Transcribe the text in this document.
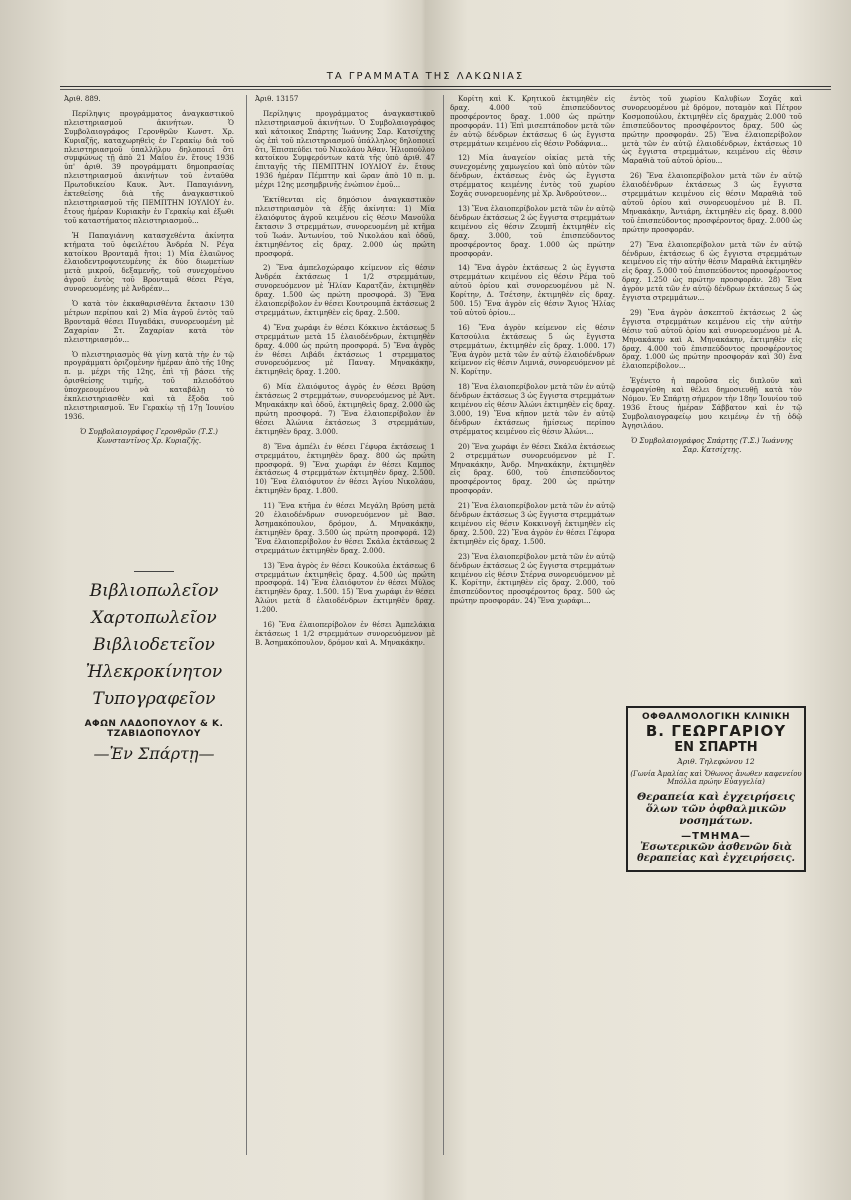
ΤΑ ΓΡΑΜΜΑΤΑ ΤΗΣ ΛΑΚΩΝΙΑΣ

Ἀριθ. 889.

Περίληψις προγράμματος ἀναγκαστικοῦ πλειστηριασμοῦ ἀκινήτων. Ὁ Συμβολαιογράφος Γερονθρῶν Κωνστ. Χρ. Κυριαζῆς, καταχωρηθεὶς ἐν Γερακίῳ διὰ τοῦ πλειστηριασμοῦ ὑπαλλήλου δηλοποιεῖ ὅτι συμφώνως τῇ ἀπὸ 21 Μαΐου ἐν. ἔτους 1936 ὑπ' ἀριθ. 39 προγράμματι δημοπρασίας πλειστηριασμοῦ ἀκινήτων τοῦ ἐνταῦθα Πρωτοδικείου Καυκ. Ἀντ. Παπαγιάννη, ἐκτεθείσης διὰ τῆς ἀναγκαστικοῦ πλειστηριασμοῦ τῆς ΠΕΜΠΤΗΝ ΙΟΥΛΙΟΥ ἐν. ἔτους ἡμέραν Κυριακὴν ἐν Γερακίῳ καὶ ἐξωθι τοῦ καταστήματος πλειστηριασμοῦ...

Ἡ Παπαγιάννη κατασχεθέντα ἀκίνητα κτήματα τοῦ ὀφειλέτου Ἀνδρέα Ν. Ρέγα κατοίκου Βρονταμᾶ ἤτοι: 1) Μία ἐλαιῶνος ἐλαιοδεντροφυτευμένης ἐκ δύο διωμετίων μετὰ μικροῦ, δεξαμενῆς, τοῦ συνεχομένου ἀγροῦ ἐντὸς τοῦ Βρονταμᾶ θέσει Ρέγα, συνορευομένης μὲ Ἀνδρέαν...

Ὁ κατὰ τὸν ἐκκαθαρισθέντα ἔκτασιν 130 μέτρων περίπου καὶ 2) Μία ἀγροῦ ἐντὸς ταῦ Βρονταμᾶ θέσει Πυγαδάκι, συνορευομένη μὲ Ζαχαρίαν Στ. Ζαχαρίαν κατὰ τὸν πλειστηριασμόν...

Ὁ πλειστηριασμὸς θὰ γίνῃ κατὰ τὴν ἐν τῷ προγράμματι ὁριζομένην ἡμέραν ἀπὸ τῆς 10ης π. μ. μέχρι τῆς 12ης, ἐπὶ τῇ βάσει τῆς ὁρισθείσης τιμῆς, τοῦ πλειοδότου ὑποχρεουμένου νὰ καταβάλῃ τὸ ἐκπλειστηριασθὲν καὶ τὰ ἔξοδα τοῦ πλειστηριασμοῦ. Ἐν Γερακίῳ τῇ 17ῃ Ἰουνίου 1936.

Ὁ Συμβολαιογράφος Γερονθρῶν (Τ.Σ.) Κωνσταντῖνος Χρ. Κυριαζῆς.

Ἀριθ. 13157

Περίληψις προγράμματος ἀναγκαστικοῦ πλειστηριασμοῦ ἀκινήτων. Ὁ Συμβολαιογράφος καὶ κάτοικος Σπάρτης Ἰωάννης Σαρ. Κατσίχτης ὡς ἐπὶ τοῦ πλειστηριασμοῦ ὑπάλληλος δηλοποιεῖ ὅτι, Ἐπισπεύδει τοῦ Νικολάου Ἀθαν. Ἠλιοπούλου κατοίκου Συμφερόντων κατὰ τῆς ὑπὸ ἀριθ. 47 ἐπιταγῆς τῆς ΠΕΜΠΤΗΝ ΙΟΥΛΙΟΥ ἐν. ἔτους 1936 ἡμέραν Πέμπτην καὶ ὥραν ἀπὸ 10 π. μ. μέχρι 12ης μεσημβρινῆς ἐνώπιον ἐμοῦ...

Ἐκτίθενται εἰς δημόσιον ἀναγκαστικὸν πλειστηριασμὸν τὰ ἑξῆς ἀκίνητα: 1) Μία ἐλαιόφυτος ἀγροῦ κειμένου εἰς θέσιν Μανούλα ἔκτασιν 3 στρεμμάτων, συνορευομένη μὲ κτῆμα τοῦ Ἰωάν. Ἀντωνίου, τοῦ Νικολάου καὶ ὁδοῦ, ἐκτιμηθέντος εἰς δραχ. 2.000 ὡς πρώτη προσφορά.

2) Ἕνα ἀμπελοχώραφο κείμενον εἰς θέσιν Ἀνδρέα ἐκτάσεως 1 1/2 στρεμμάτων, συνορευόμενον μὲ Ἠλίαν Καρατζᾶν, ἐκτιμηθὲν δραχ. 1.500 ὡς πρώτη προσφορά. 3) Ἕνα ἐλαιοπερίβολον ἐν θέσει Κουτρουμπᾶ ἐκτάσεως 2 στρεμμάτων, ἐκτιμηθὲν εἰς δραχ. 2.500.

4) Ἕνα χωράφι ἐν θέσει Κόκκινο ἐκτάσεως 5 στρεμμάτων μετὰ 15 ἐλαιοδένδρων, ἐκτιμηθὲν δραχ. 4.000 ὡς πρώτη προσφορά. 5) Ἕνα ἀγρὸς ἐν θέσει Λιβάδι ἐκτάσεως 1 στρεμματος συνορευόμενος μὲ Παναγ. Μηνακάκην, ἐκτιμηθεὶς δραχ. 1.200.

6) Μία ἐλαιόφυτος ἀγρὸς ἐν θέσει Βρύση ἐκτάσεως 2 στρεμμάτων, συνορευόμενος μὲ Ἀντ. Μηνακάκην καὶ ὁδοῦ, ἐκτιμηθεὶς δραχ. 2.000 ὡς πρώτη προσφορά. 7) Ἕνα ἐλαιοπερίβολον ἐν θέσει Ἀλώνια ἐκτάσεως 3 στρεμμάτων, ἐκτιμηθὲν δραχ. 3.000.

8) Ἕνα ἀμπέλι ἐν θέσει Γέφυρα ἐκτάσεως 1 στρεμμάτου, ἐκτιμηθὲν δραχ. 800 ὡς πρώτη προσφορά. 9) Ἕνα χωράφι ἐν θέσει Καμπος ἐκτάσεως 4 στρεμμάτων ἐκτιμηθὲν δραχ. 2.500. 10) Ἕνα ἐλαιόφυτον ἐν θέσει Ἁγίου Νικολάου, ἐκτιμηθὲν δραχ. 1.800.

11) Ἕνα κτῆμα ἐν θέσει Μεγάλη Βρύση μετὰ 20 ἐλαιοδένδρων συνορευόμενον μὲ Βασ. Ἀσημακόπουλον, δρόμον, Δ. Μηνακάκην, ἐκτιμηθὲν δραχ. 3.500 ὡς πρώτη προσφορά. 12) Ἕνα ἐλαιοπερίβολον ἐν θέσει Σκάλα ἐκτάσεως 2 στρεμμάτων ἐκτιμηθὲν δραχ. 2.000.

13) Ἕνα ἀγρὸς ἐν θέσει Κουκούλα ἐκτάσεως 6 στρεμμάτων ἐκτιμηθεὶς δραχ. 4.500 ὡς πρώτη προσφορά. 14) Ἕνα ἐλαιόφυτον ἐν θέσει Μύλος ἐκτιμηθὲν δραχ. 1.500. 15) Ἕνα χωράφι ἐν θέσει Ἀλώνι μετὰ 8 ἐλαιοδένδρων ἐκτιμηθὲν δραχ. 1.200.

16) Ἕνα ἐλαιοπερίβολον ἐν θέσει Ἀμπελάκια ἐκτάσεως 1 1/2 στρεμμάτων συνορευόμενον μὲ Β. Ἀσημακόπουλον, δρόμον καὶ Α. Μηνακάκην.

Κορίτη καὶ Κ. Κρητικοῦ ἐκτιμηθὲν εἰς δραχ. 4.000 τοῦ ἐπισπεύδοντος προσφέροντος δραχ. 1.000 ὡς πρώτην προσφοράν. 11) Ἐπὶ μισεπτάποδον μετὰ τῶν ἐν αὐτῷ δένδρων ἐκτάσεως 6 ὡς ἔγγιστα στρεμμάτων κειμένου εἰς θέσιν Ροδάφνια...

12) Μία ἀναγείον οἰκίας μετὰ τῆς συνεχομένης χαμωγείου καὶ ὑπὸ αὐτὸν τῶν δένδρων, ἐκτάσεως ἑνὸς ὡς ἔγγιστα στρέμματος κειμένης ἐντὸς τοῦ χωρίου Σοχᾶς συνορευομένης μὲ Χρ. Ἀνδρούτσον...

13) Ἕνα ἐλαιοπερίβολον μετὰ τῶν ἐν αὐτῷ δένδρων ἐκτάσεως 2 ὡς ἔγγιστα στρεμμάτων κειμένου εἰς θέσιν Ζευμπῆ ἐκτιμηθὲν εἰς δραχ. 3.000, τοῦ ἐπισπεύδοντος προσφέροντος δραχ. 1.000 ὡς πρώτην προσφοράν.

14) Ἕνα ἀγρὸν ἐκτάσεως 2 ὡς ἔγγιστα στρεμμάτων κειμένου εἰς θέσιν Ρέμα τοῦ αὐτοῦ ὁρίου καὶ συνορευομένου μὲ Ν. Κορίτην, Δ. Τσέτσην, ἐκτιμηθὲν εἰς δραχ. 500. 15) Ἕνα ἀγρὸν εἰς θέσιν Ἅγιος Ἠλίας τοῦ αὐτοῦ ὁρίου...

16) Ἕνα ἀγρὸν κείμενον εἰς θέσιν Κατσούλια ἐκτάσεως 5 ὡς ἔγγιστα στρεμμάτων, ἐκτιμηθὲν εἰς δραχ. 1.000. 17) Ἕνα ἀγρὸν μετὰ τῶν ἐν αὐτῷ ἐλαιοδένδρων κείμενον εἰς θέσιν Λιμνιά, συνορευόμενον μὲ Ν. Κορίτην.

18) Ἕνα ἐλαιοπερίβολον μετὰ τῶν ἐν αὐτῷ δένδρων ἐκτάσεως 3 ὡς ἔγγιστα στρεμμάτων κειμένου εἰς θέσιν Ἁλώνι ἐκτιμηθὲν εἰς δραχ. 3.000, 19) Ἕνα κῆπον μετὰ τῶν ἐν αὐτῷ δένδρων ἐκτάσεως ἡμίσεως περίπου στρέμματος κειμένου εἰς θέσιν Ἁλώνι...

20) Ἕνα χωράφι ἐν θέσει Σκάλα ἐκτάσεως 2 στρεμμάτων συνορευόμενον μὲ Γ. Μηνακάκην, Ἀνδρ. Μηνακάκην, ἐκτιμηθὲν εἰς δραχ. 600, τοῦ ἐπισπεύδοντος προσφέροντος δραχ. 200 ὡς πρώτην προσφοράν.

21) Ἕνα ἐλαιοπερίβολον μετὰ τῶν ἐν αὐτῷ δένδρων ἐκτάσεως 3 ὡς ἔγγιστα στρεμμάτων κειμένου εἰς θέσιν Κοκκινογῆ ἐκτιμηθὲν εἰς δραχ. 2.500. 22) Ἕνα ἀγρὸν ἐν θέσει Γέφυρα ἐκτιμηθὲν εἰς δραχ. 1.500.

23) Ἕνα ἐλαιοπερίβολον μετὰ τῶν ἐν αὐτῷ δένδρων ἐκτάσεως 2 ὡς ἔγγιστα στρεμμάτων κειμένου εἰς θέσιν Στέρνα συνορευόμενον μὲ Κ. Κορίτην, ἐκτιμηθὲν εἰς δραχ. 2.000, τοῦ ἐπισπεύδοντος προσφέροντος δραχ. 500 ὡς πρώτην προσφοράν. 24) Ἕνα χωράφι...

ἐντὸς τοῦ χωρίου Καλυβίων Σοχᾶς καὶ συνορευομένου μὲ δρόμον, ποταμὸν καὶ Πέτρον Κοσμοπούλου, ἐκτιμηθὲν εἰς δραχμὰς 2.000 τοῦ ἐπισπεύδοντος προσφέροντος δραχ. 500 ὡς πρώτην προσφοράν. 25) Ἕνα ἐλαιοπερίβολον μετὰ τῶν ἐν αὐτῷ ἐλαιοδένδρων, ἐκτάσεως 10 ὡς ἔγγιστα στρεμμάτων, κειμένου εἰς θέσιν Μαραθιὰ τοῦ αὐτοῦ ὁρίου...

26) Ἕνα ἐλαιοπερίβολον μετὰ τῶν ἐν αὐτῷ ἐλαιοδένδρων ἐκτάσεως 3 ὡς ἔγγιστα στρεμμάτων κειμένου εἰς θέσιν Μαραθιὰ τοῦ αὐτοῦ ὁρίου καὶ συνορευομένου μὲ Β. Π. Μηνακάκην, Ἀντιάρη, ἐκτιμηθὲν εἰς δραχ. 8.000 τοῦ ἐπισπεύδοντος προσφέροντος δραχ. 2.000 ὡς πρώτην προσφοράν.

27) Ἕνα ἐλαιοπερίβολον μετὰ τῶν ἐν αὐτῷ δένδρων, ἐκτάσεως 6 ὡς ἔγγιστα στρεμμάτων κειμένου εἰς τὴν αὐτὴν θέσιν Μαραθιὰ ἐκτιμηθὲν εἰς δραχ. 5.000 τοῦ ἐπισπεύδοντος προσφέροντος δραχ. 1.250 ὡς πρώτην προσφοράν. 28) Ἕνα ἀγρὸν μετὰ τῶν ἐν αὐτῷ δένδρων ἐκτάσεως 5 ὡς ἔγγιστα στρεμμάτων...

29) Ἕνα ἀγρὸν ἀσκεπτοῦ ἐκτάσεως 2 ὡς ἔγγιστα στρεμμάτων κειμένου εἰς τὴν αὐτὴν θέσιν τοῦ αὐτοῦ ὁρίου καὶ συνορευομένου μὲ Α. Μηνακάκην καὶ Α. Μηνακάκην, ἐκτιμηθὲν εἰς δραχ. 4.000 τοῦ ἐπισπεύδοντος προσφέροντος δραχ. 1.000 ὡς πρώτην προσφοράν καὶ 30) ἕνα ἐλαιοπερίβολον...

Ἐγένετο ἡ παροῦσα εἰς διπλοῦν καὶ ἐσφραγίσθη καὶ θέλει δημοσιευθῇ κατὰ τὸν Νόμον. Ἐν Σπάρτῃ σήμερον τὴν 18ην Ἰουνίου τοῦ 1936 ἔτους ἡμέραν Σάββατον καὶ ἐν τῷ Συμβολαιογραφείῳ μου κειμένῳ ἐν τῇ ὁδῷ Ἀγησιλάου.

Ὁ Συμβολαιογράφος Σπάρτης (Τ.Σ.) Ἰωάννης Σαρ. Κατσίχτης.

Βιβλιοπωλεῖον
Χαρτοπωλεῖον
Βιβλιοδετεῖον
Ἠλεκροκίνητον
Τυπογραφεῖον
ΑΦΩΝ ΛΑΔΟΠΟΥΛΟΥ & Κ. ΤΖΑΒΙΔΟΠΟΥΛΟΥ
—Ἐν Σπάρτῃ—
ΟΦΘΑΛΜΟΛΟΓΙΚΗ ΚΛΙΝΙΚΗ
Β. ΓΕΩΡΓΑΡΙΟΥ
ΕΝ ΣΠΑΡΤΗ
Ἀριθ. Τηλεφώνου 12
(Γωνία Ἀμαλίας καὶ Ὄθωνος ἄνωθεν καφενείου Μπόλλα πρώην Εὐαγγελία)
Θεραπεία καὶ ἐγχειρήσεις ὅλων τῶν ὀφθαλμικῶν νοσημάτων.
—ΤΜΗΜΑ—
Ἐσωτερικῶν ἀσθενῶν διὰ θεραπείας καὶ ἐγχειρήσεις.
